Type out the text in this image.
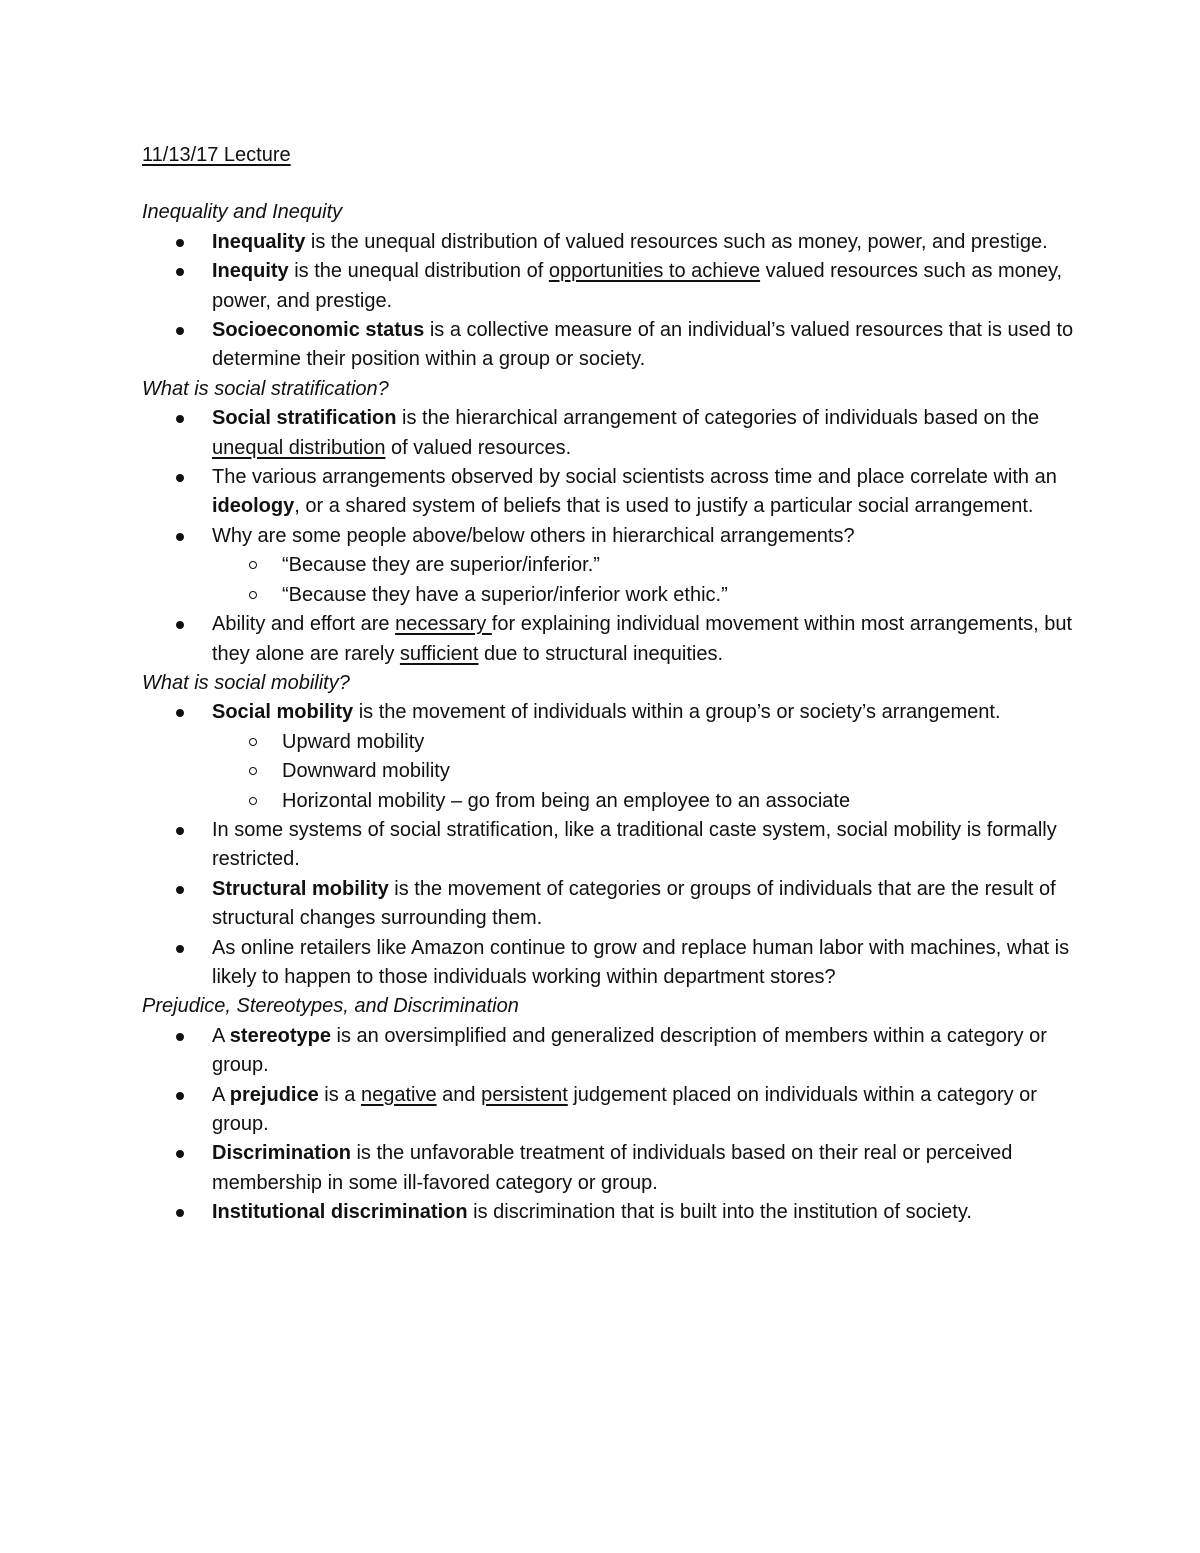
11/13/17 Lecture
Inequality and Inequity
Inequality is the unequal distribution of valued resources such as money, power, and prestige.
Inequity is the unequal distribution of opportunities to achieve valued resources such as money, power, and prestige.
Socioeconomic status is a collective measure of an individual’s valued resources that is used to determine their position within a group or society.
What is social stratification?
Social stratification is the hierarchical arrangement of categories of individuals based on the unequal distribution of valued resources.
The various arrangements observed by social scientists across time and place correlate with an ideology, or a shared system of beliefs that is used to justify a particular social arrangement.
Why are some people above/below others in hierarchical arrangements?
“Because they are superior/inferior.”
“Because they have a superior/inferior work ethic.”
Ability and effort are necessary for explaining individual movement within most arrangements, but they alone are rarely sufficient due to structural inequities.
What is social mobility?
Social mobility is the movement of individuals within a group’s or society’s arrangement.
Upward mobility
Downward mobility
Horizontal mobility – go from being an employee to an associate
In some systems of social stratification, like a traditional caste system, social mobility is formally restricted.
Structural mobility is the movement of categories or groups of individuals that are the result of structural changes surrounding them.
As online retailers like Amazon continue to grow and replace human labor with machines, what is likely to happen to those individuals working within department stores?
Prejudice, Stereotypes, and Discrimination
A stereotype is an oversimplified and generalized description of members within a category or group.
A prejudice is a negative and persistent judgement placed on individuals within a category or group.
Discrimination is the unfavorable treatment of individuals based on their real or perceived membership in some ill-favored category or group.
Institutional discrimination is discrimination that is built into the institution of society.
